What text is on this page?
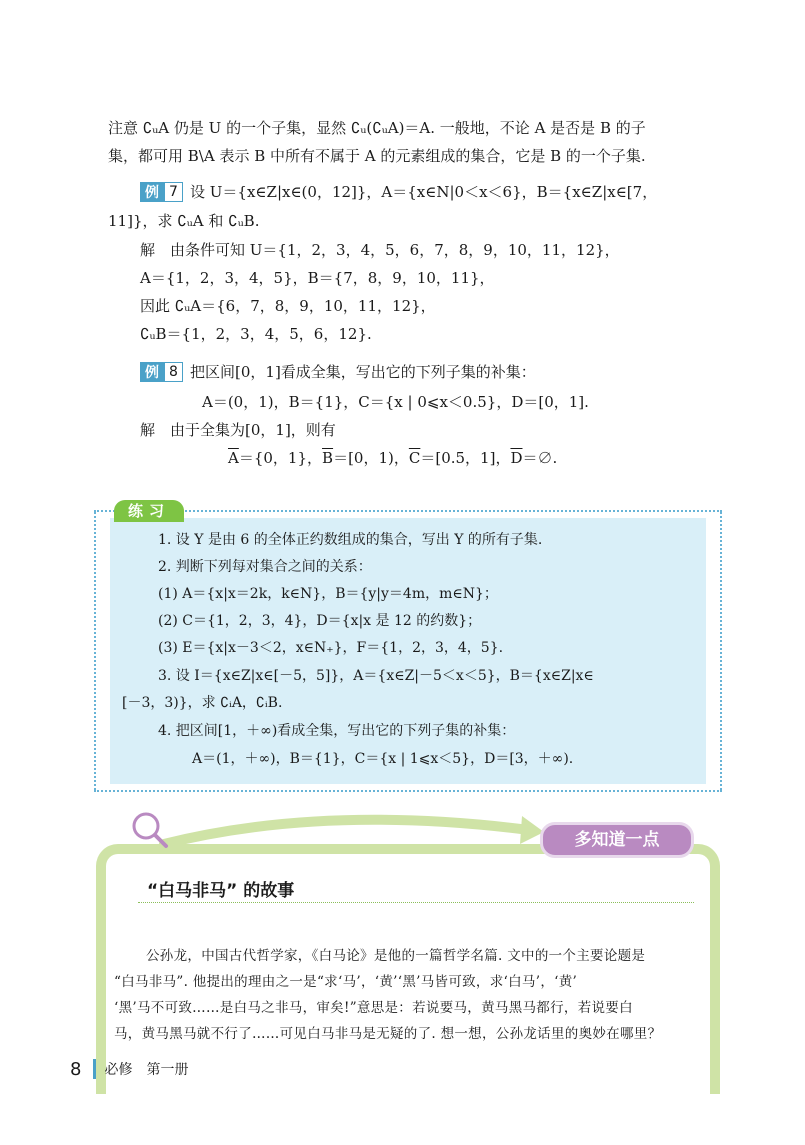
注意 ∁ᵤA 仍是 U 的一个子集，显然 ∁ᵤ(∁ᵤA)＝A. 一般地，不论 A 是否是 B 的子
集，都可用 B\A 表示 B 中所有不属于 A 的元素组成的集合，它是 B 的一个子集.
例 7 设 U＝{x∈Z|x∈(0，12]}，A＝{x∈N|0＜x＜6}，B＝{x∈Z|x∈[7，
11]}，求 ∁ᵤA 和 ∁ᵤB.
解　由条件可知 U＝{1，2，3，4，5，6，7，8，9，10，11，12}，
A＝{1，2，3，4，5}，B＝{7，8，9，10，11}，
因此 ∁ᵤA＝{6，7，8，9，10，11，12}，
∁ᵤB＝{1，2，3，4，5，6，12}.
例 8 把区间[0，1]看成全集，写出它的下列子集的补集：
A＝(0，1)，B＝{1}，C＝{x | 0⩽x＜0.5}，D＝[0，1].
解　由于全集为[0，1]，则有
$\overline{A}=\{0$，1}，$\overline{B}=[0$，1)，$\overline{C}=[0.5$，1]，$\overline{D}=\emptyset$.
练习
1. 设 Y 是由 6 的全体正约数组成的集合，写出 Y 的所有子集.
2. 判断下列每对集合之间的关系：
(1) A＝{x|x＝2k，k∈N}，B＝{y|y＝4m，m∈N}；
(2) C＝{1，2，3，4}，D＝{x|x 是 12 的约数}；
(3) E＝{x|x－3＜2，x∈N₊}，F＝{1，2，3，4，5}.
3. 设 I＝{x∈Z|x∈[－5，5]}，A＝{x∈Z|－5＜x＜5}，B＝{x∈Z|x∈
[－3，3)}，求 ∁ᵢA，∁ᵢB.
4. 把区间[1，＋∞)看成全集，写出它的下列子集的补集：
A＝(1，＋∞)，B＝{1}，C＝{x | 1⩽x＜5}，D＝[3，＋∞).
多知道一点
“白马非马” 的故事
公孙龙，中国古代哲学家，《白马论》是他的一篇哲学名篇. 文中的一个主要论题是
“白马非马”. 他提出的理由之一是“求‘马’，‘黄’‘黑’马皆可致，求‘白马’，‘黄’
‘黑’马不可致……是白马之非马，审矣!”意思是：若说要马，黄马黑马都行，若说要白
马，黄马黑马就不行了……可见白马非马是无疑的了. 想一想，公孙龙话里的奥妙在哪里？
8 必修　第一册
